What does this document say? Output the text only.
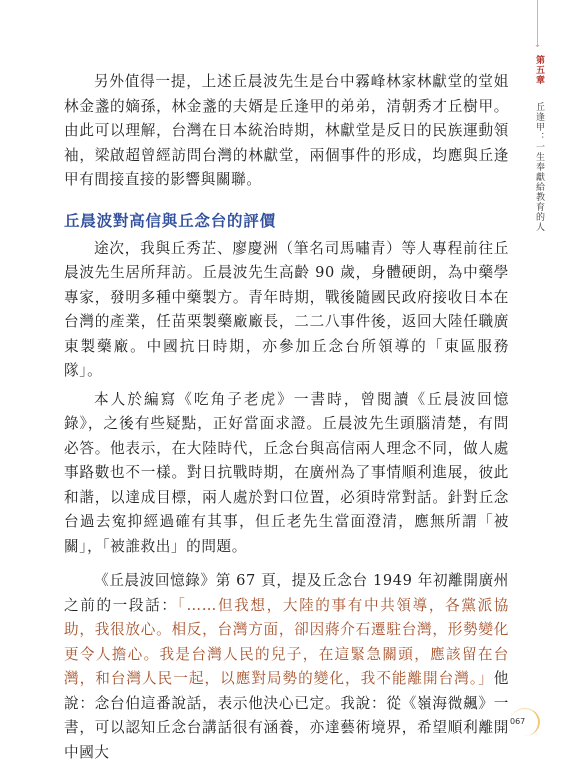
⌄
第五章 丘逢甲：一生奉獻給教育的人

另外值得一提，上述丘晨波先生是台中霧峰林家林獻堂的堂姐林金盞的嫡孫，林金盞的夫婿是丘逢甲的弟弟，清朝秀才丘樹甲。由此可以理解，台灣在日本統治時期，林獻堂是反日的民族運動領袖，梁啟超曾經訪問台灣的林獻堂，兩個事件的形成，均應與丘逢甲有間接直接的影響與關聯。

丘晨波對高信與丘念台的評價

途次，我與丘秀芷、廖慶洲（筆名司馬嘯青）等人專程前往丘晨波先生居所拜訪。丘晨波先生高齡 90 歲，身體硬朗，為中藥學專家，發明多種中藥製方。青年時期，戰後隨國民政府接收日本在台灣的產業，任苗栗製藥廠廠長，二二八事件後，返回大陸任職廣東製藥廠。中國抗日時期，亦參加丘念台所領導的「東區服務隊」。

本人於編寫《吃角子老虎》一書時，曾閱讀《丘晨波回憶錄》，之後有些疑點，正好當面求證。丘晨波先生頭腦清楚，有問必答。他表示，在大陸時代，丘念台與高信兩人理念不同，做人處事路數也不一樣。對日抗戰時期，在廣州為了事情順利進展，彼此和諧，以達成目標，兩人處於對口位置，必須時常對話。針對丘念台過去寃抑經過確有其事，但丘老先生當面澄清，應無所謂「被關」，「被誰救出」的問題。

《丘晨波回憶錄》第 67 頁，提及丘念台 1949 年初離開廣州之前的一段話：「……但我想，大陸的事有中共領導，各黨派協助，我很放心。相反，台灣方面，卻因蔣介石遷駐台灣，形勢變化更令人擔心。我是台灣人民的兒子，在這緊急關頭，應該留在台灣，和台灣人民一起，以應對局勢的變化，我不能離開台灣。」他說：念台伯這番說話，表示他決心已定。我說：從《嶺海微飆》一書，可以認知丘念台講話很有涵養，亦達藝術境界，希望順利離開中國大

067
